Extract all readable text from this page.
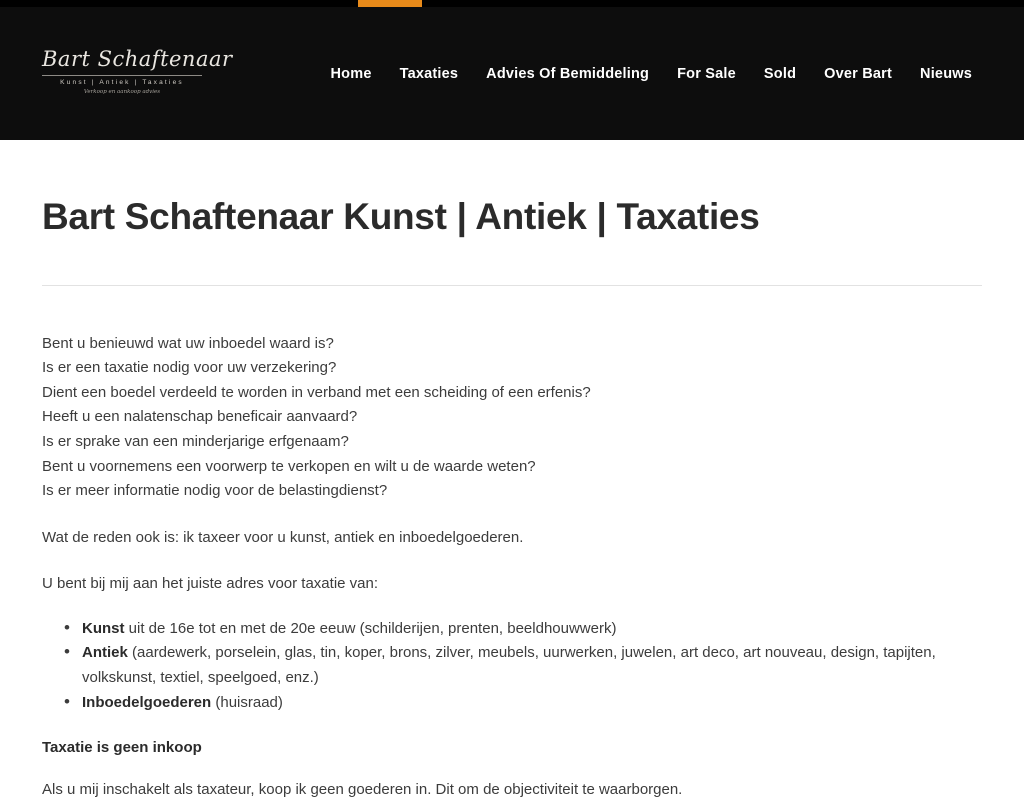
Bart Schaftenaar
Kunst | Antiek | Taxaties
Verkoop en aankoop advies
Home	Taxaties	Advies Of Bemiddeling	For Sale	Sold	Over Bart	Nieuws
Bart Schaftenaar Kunst | Antiek | Taxaties
Bent u benieuwd wat uw inboedel waard is?
Is er een taxatie nodig voor uw verzekering?
Dient een boedel verdeeld te worden in verband met een scheiding of een erfenis?
Heeft u een nalatenschap beneficair aanvaard?
Is er sprake van een minderjarige erfgenaam?
Bent u voornemens een voorwerp te verkopen en wilt u de waarde weten?
Is er meer informatie nodig voor de belastingdienst?

Wat de reden ook is: ik taxeer voor u kunst, antiek en inboedelgoederen.

U bent bij mij aan het juiste adres voor taxatie van:

• Kunst uit de 16e tot en met de 20e eeuw (schilderijen, prenten, beeldhouwwerk)
• Antiek (aardewerk, porselein, glas, tin, koper, brons, zilver, meubels, uurwerken, juwelen, art deco, art nouveau, design, tapijten, volkskunst, textiel, speelgoed, enz.)
• Inboedelgoederen (huisraad)

Taxatie is geen inkoop

Als u mij inschakelt als taxateur, koop ik geen goederen in. Dit om de objectiviteit te waarborgen.
